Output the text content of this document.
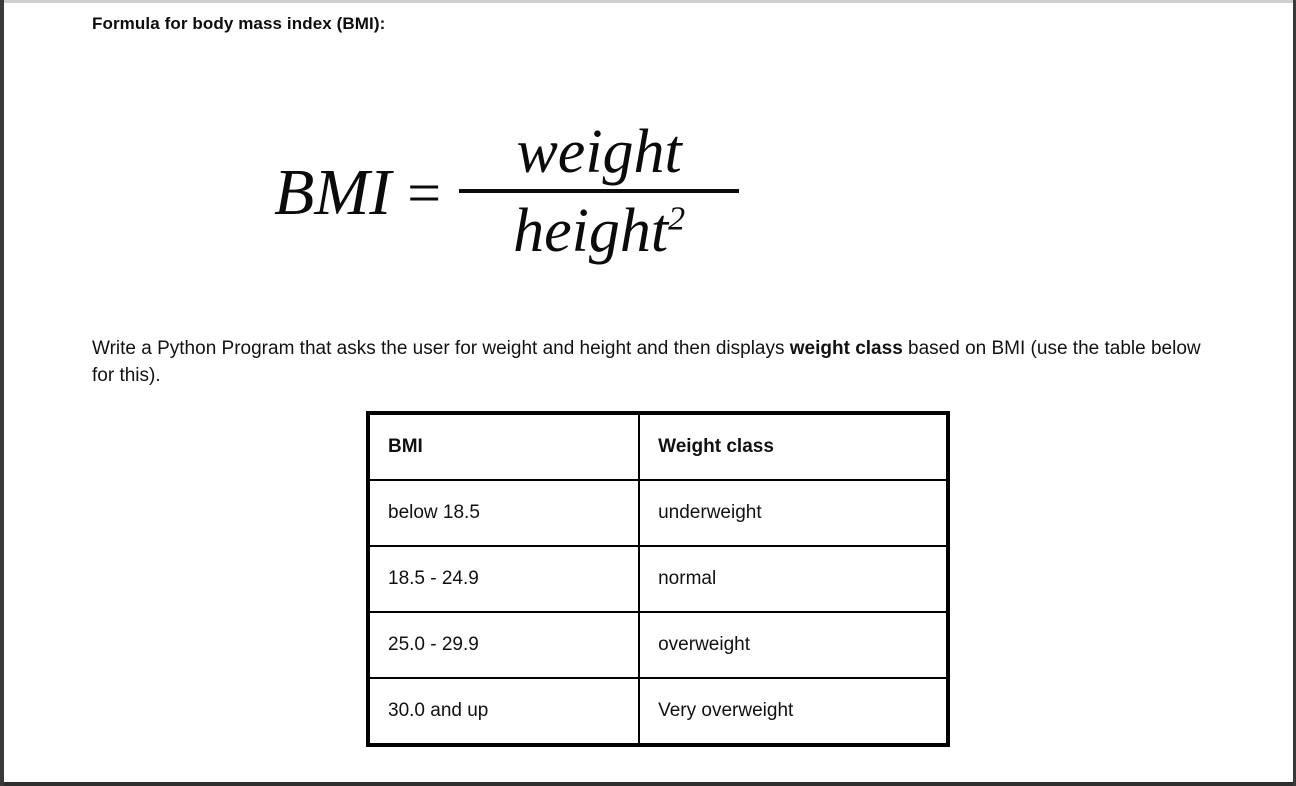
Formula for body mass index (BMI):
BMI = $\frac{\text{weight}}{height^2}$
Write a Python Program that asks the user for weight and height and then displays weight class based on BMI (use the table below for this).
BMI	Weight class
below 18.5	underweight
18.5 - 24.9	normal
25.0 - 29.9	overweight
30.0 and up	Very overweight
